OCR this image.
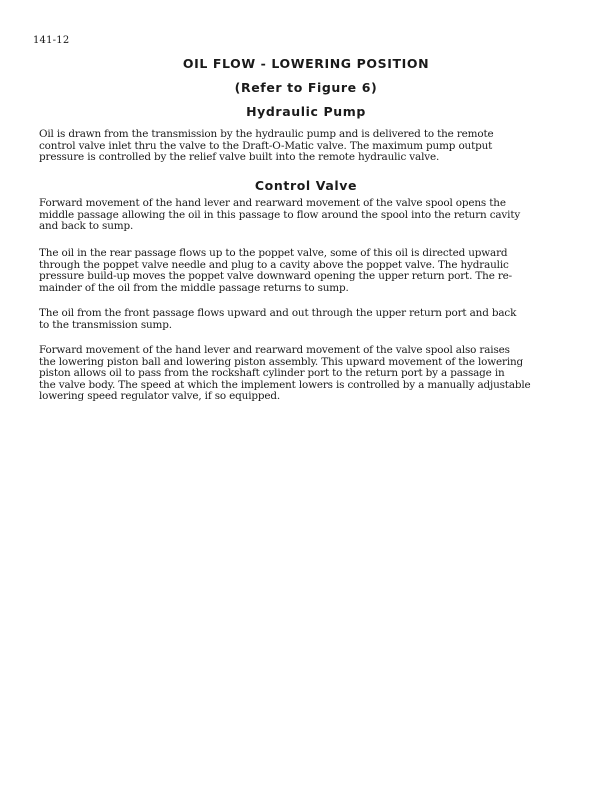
141-12
OIL FLOW - LOWERING POSITION
(Refer to Figure 6)
Hydraulic Pump

Oil is drawn from the transmission by the hydraulic pump and is delivered to the remote
control valve inlet thru the valve to the Draft-O-Matic valve. The maximum pump output
pressure is controlled by the relief valve built into the remote hydraulic valve.

Control Valve

Forward movement of the hand lever and rearward movement of the valve spool opens the
middle passage allowing the oil in this passage to flow around the spool into the return cavity
and back to sump.

The oil in the rear passage flows up to the poppet valve, some of this oil is directed upward
through the poppet valve needle and plug to a cavity above the poppet valve. The hydraulic
pressure build-up moves the poppet valve downward opening the upper return port. The re-
mainder of the oil from the middle passage returns to sump.

The oil from the front passage flows upward and out through the upper return port and back
to the transmission sump.

Forward movement of the hand lever and rearward movement of the valve spool also raises
the lowering piston ball and lowering piston assembly. This upward movement of the lowering
piston allows oil to pass from the rockshaft cylinder port to the return port by a passage in
the valve body. The speed at which the implement lowers is controlled by a manually adjustable
lowering speed regulator valve, if so equipped.
